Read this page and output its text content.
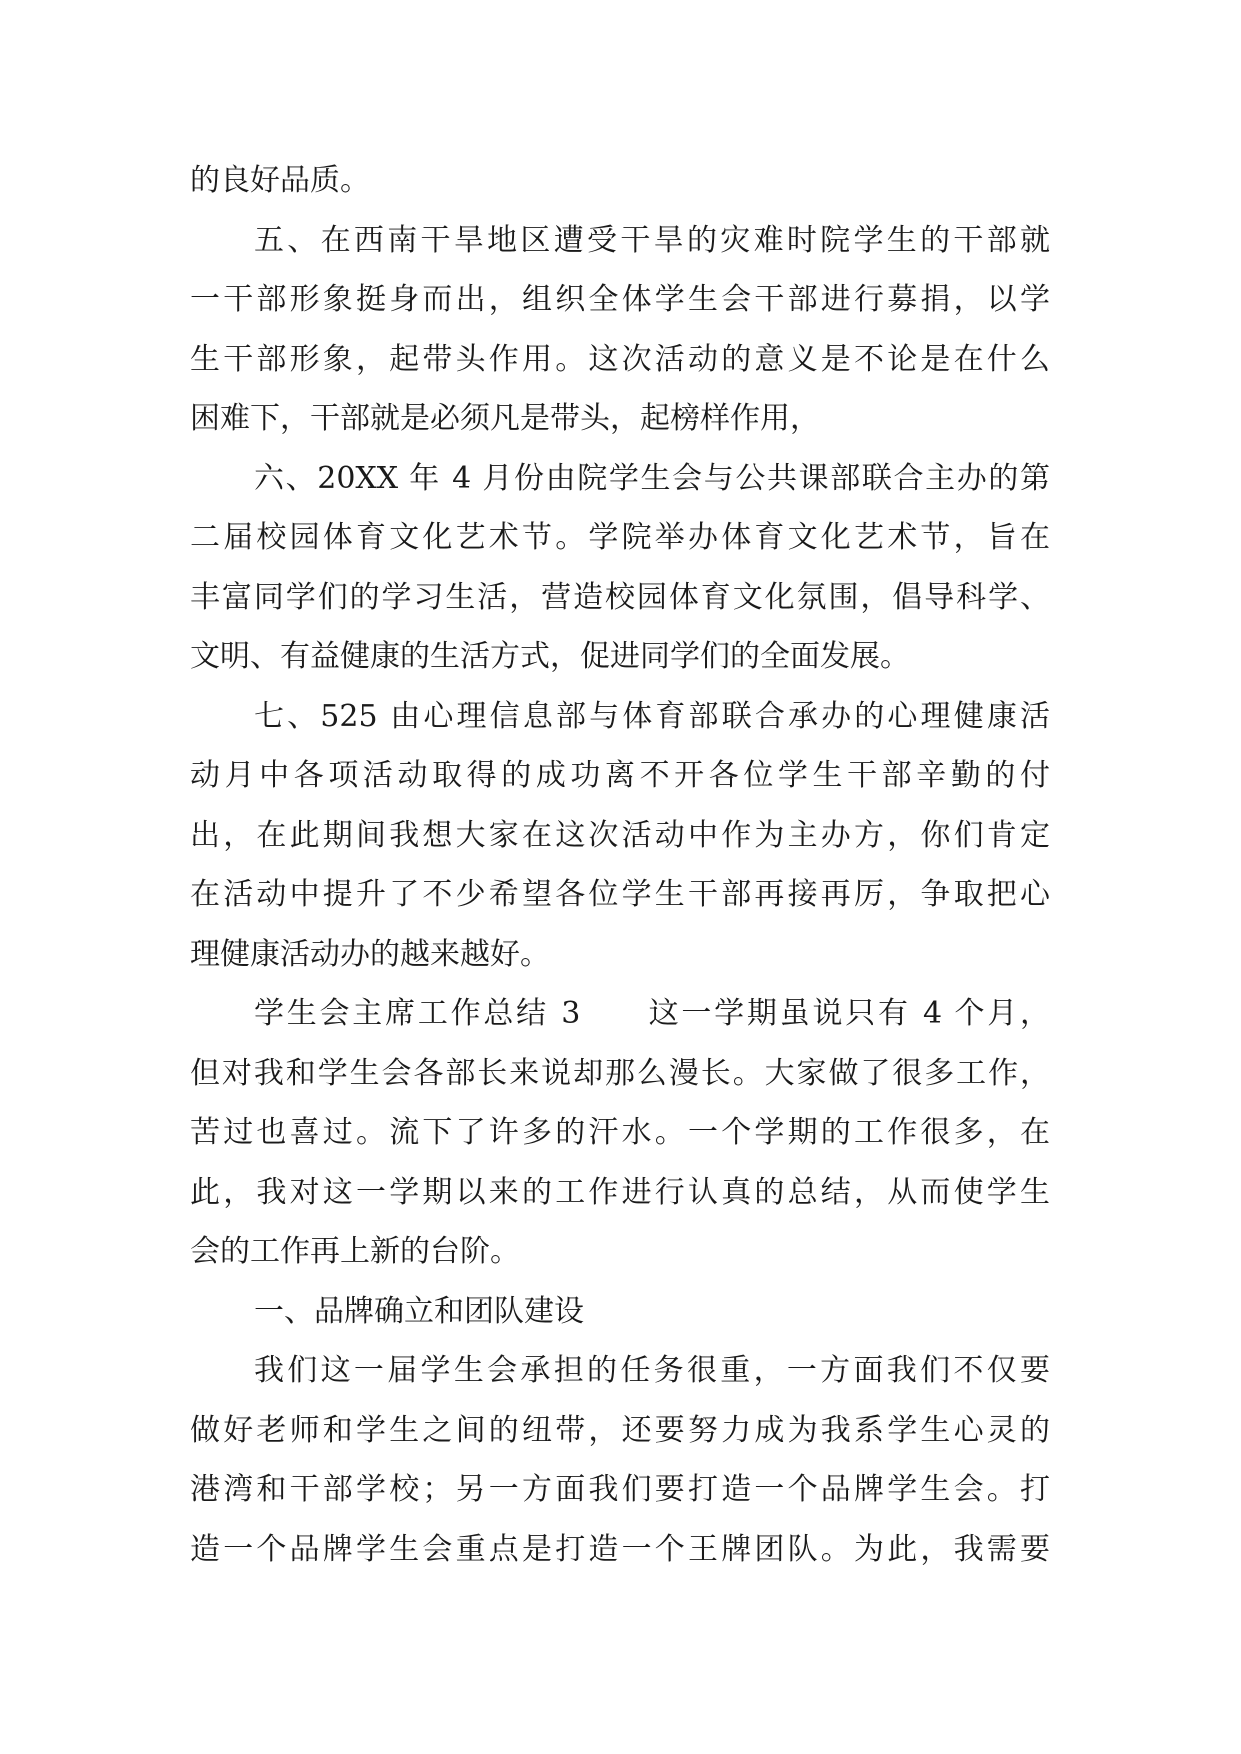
的良好品质。
五、在西南干旱地区遭受干旱的灾难时院学生的干部就
一干部形象挺身而出，组织全体学生会干部进行募捐，以学
生干部形象，起带头作用。这次活动的意义是不论是在什么
困难下，干部就是必须凡是带头，起榜样作用，
六、20XX 年 4 月份由院学生会与公共课部联合主办的第
二届校园体育文化艺术节。学院举办体育文化艺术节，旨在
丰富同学们的学习生活，营造校园体育文化氛围，倡导科学、
文明、有益健康的生活方式，促进同学们的全面发展。
七、525 由心理信息部与体育部联合承办的心理健康活
动月中各项活动取得的成功离不开各位学生干部辛勤的付
出，在此期间我想大家在这次活动中作为主办方，你们肯定
在活动中提升了不少希望各位学生干部再接再厉，争取把心
理健康活动办的越来越好。
学生会主席工作总结 3　　这一学期虽说只有 4 个月，
但对我和学生会各部长来说却那么漫长。大家做了很多工作，
苦过也喜过。流下了许多的汗水。一个学期的工作很多，在
此，我对这一学期以来的工作进行认真的总结，从而使学生
会的工作再上新的台阶。
一、品牌确立和团队建设
我们这一届学生会承担的任务很重，一方面我们不仅要
做好老师和学生之间的纽带，还要努力成为我系学生心灵的
港湾和干部学校；另一方面我们要打造一个品牌学生会。打
造一个品牌学生会重点是打造一个王牌团队。为此，我需要
